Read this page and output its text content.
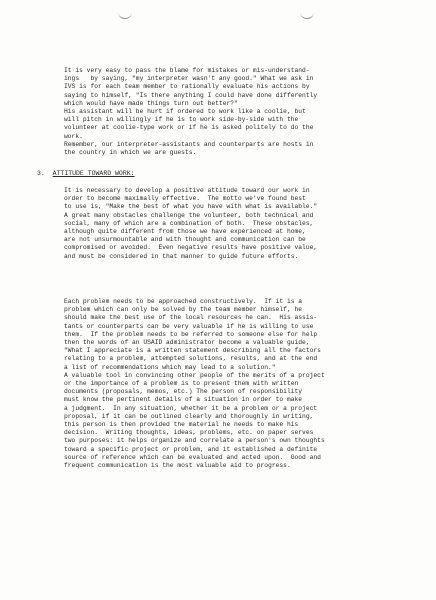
It is very easy to pass the blame for mistakes or mis-understand-
ings   by saying, "my interpreter wasn't any good." What we ask in
IVS is for each team member to rationally evaluate his actions by
saying to himself, "Is there anything I could have done differently
which would have made things turn out better?"
His assistant will be hurt if ordered to work like a coolie, but
will pitch in willingly if he is to work side-by-side with the
volunteer at coolie-type work or if he is asked politely to do the
work.
Remember, our interpreter-assistants and counterparts are hosts in
the country in which we are guests.
3. ATTITUDE TOWARD WORK:
It is necessary to develop a positive attitude toward our work in
order to become maximally effective.  The motto we've found best
to use is, "Make the best of what you have with what is available."
A great many obstacles challenge the volunteer, both technical and
social, many of which are a combination of both.  These obstacles,
although quite different from those we have experienced at home,
are not unsurmountable and with thought and communication can be
compromised or avoided.  Even negative results have positive value,
and must be considered in that manner to guide future efforts.
Each problem needs to be approached constructively.  If it is a
problem which can only be solved by the team member himself, he
should make the best use of the local resources he can.  His assis-
tants or counterparts can be very valuable if he is willing to use
them.  If the problem needs to be referred to someone else for help
then the words of an USAID administrator become a valuable guide,
"What I appreciate is a written statement describing all the factors
relating to a problem, attempted solutions, results, and at the end
a list of recommendations which may lead to a solution."
A valuable tool in convincing other people of the merits of a project
or the importance of a problem is to present them with written
documents (proposals, memos, etc.) The person of responsibility
must know the pertinent details of a situation in order to make
a judgment.  In any situation, whether it be a problem or a project
proposal, if it can be outlined clearly and thoroughly in writing,
this person is then provided the material he needs to make his
decision.  Writing thoughts, ideas, problems, etc. on paper serves
two purposes: it helps organize and correlate a person's own thoughts
toward a specific project or problem, and it established a definite
source of reference which can be evaluated and acted upon.  Good and
frequent communication is the most valuable aid to progress.
